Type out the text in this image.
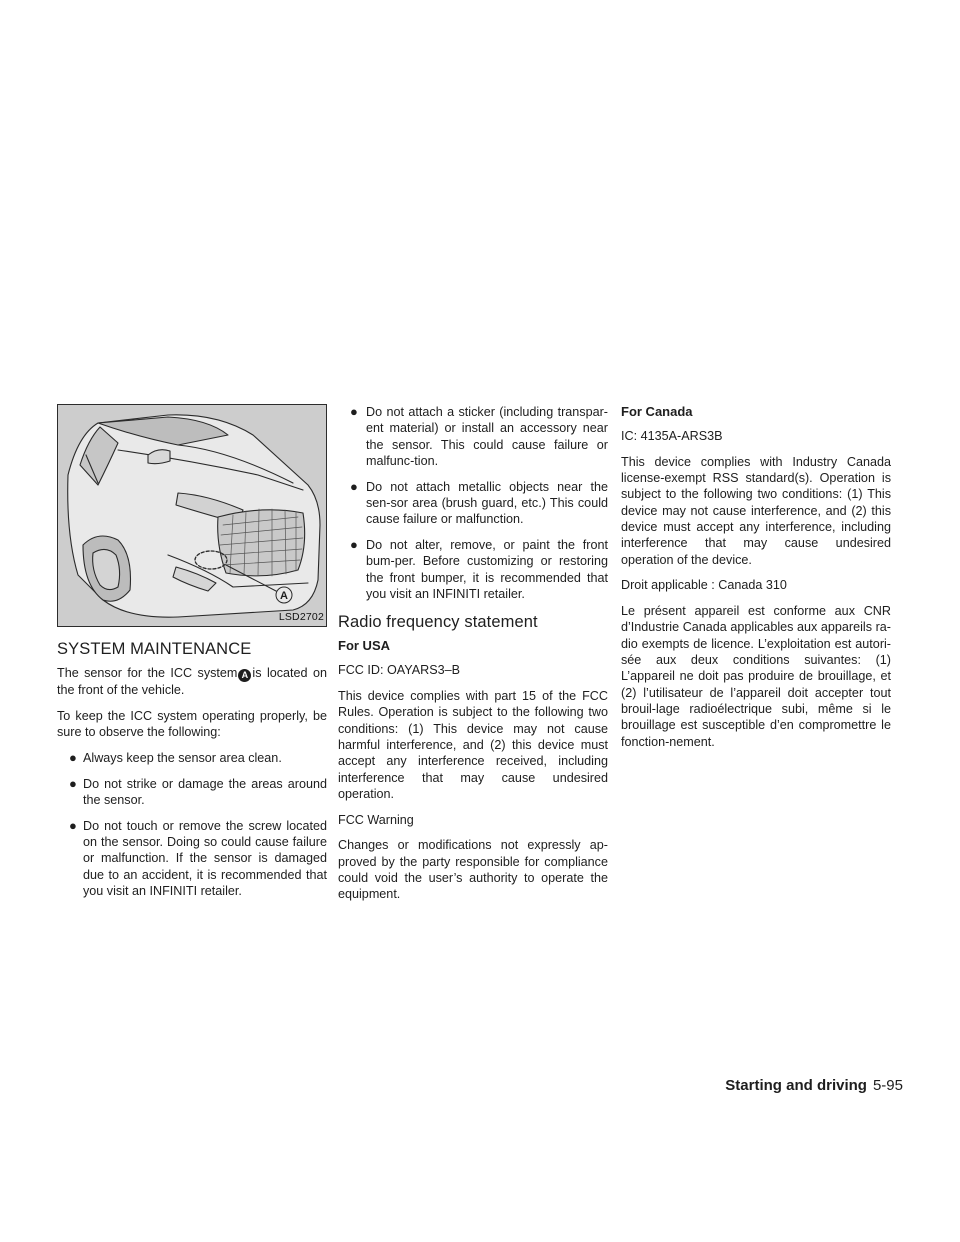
A
LSD2702
SYSTEM MAINTENANCE

The sensor for the ICC system A is located on the front of the vehicle.

To keep the ICC system operating properly, be sure to observe the following:

● Always keep the sensor area clean.
● Do not strike or damage the areas around the sensor.
● Do not touch or remove the screw located on the sensor. Doing so could cause failure or malfunction. If the sensor is damaged due to an accident, it is recommended that you visit an INFINITI retailer.
● Do not attach a sticker (including transpar-ent material) or install an accessory near the sensor. This could cause failure or malfunc-tion.
● Do not attach metallic objects near the sen-sor area (brush guard, etc.) This could cause failure or malfunction.
● Do not alter, remove, or paint the front bum-per. Before customizing or restoring the front bumper, it is recommended that you visit an INFINITI retailer.
Radio frequency statement
For USA

FCC ID: OAYARS3–B

This device complies with part 15 of the FCC Rules. Operation is subject to the following two conditions: (1) This device may not cause harmful interference, and (2) this device must accept any interference received, including interference that may cause undesired operation.

FCC Warning

Changes or modifications not expressly ap-proved by the party responsible for compliance could void the user’s authority to operate the equipment.

For Canada

IC: 4135A-ARS3B

This device complies with Industry Canada license-exempt RSS standard(s). Operation is subject to the following two conditions: (1) This device may not cause interference, and (2) this device must accept any interference, including interference that may cause undesired operation of the device.

Droit applicable : Canada 310

Le présent appareil est conforme aux CNR d’Industrie Canada applicables aux appareils ra-dio exempts de licence. L’exploitation est autori-sée aux deux conditions suivantes: (1) L’appareil ne doit pas produire de brouillage, et (2) l’utilisateur de l’appareil doit accepter tout brouil-lage radioélectrique subi, même si le brouillage est susceptible d’en compromettre le fonction-nement.

Starting and driving 5-95
